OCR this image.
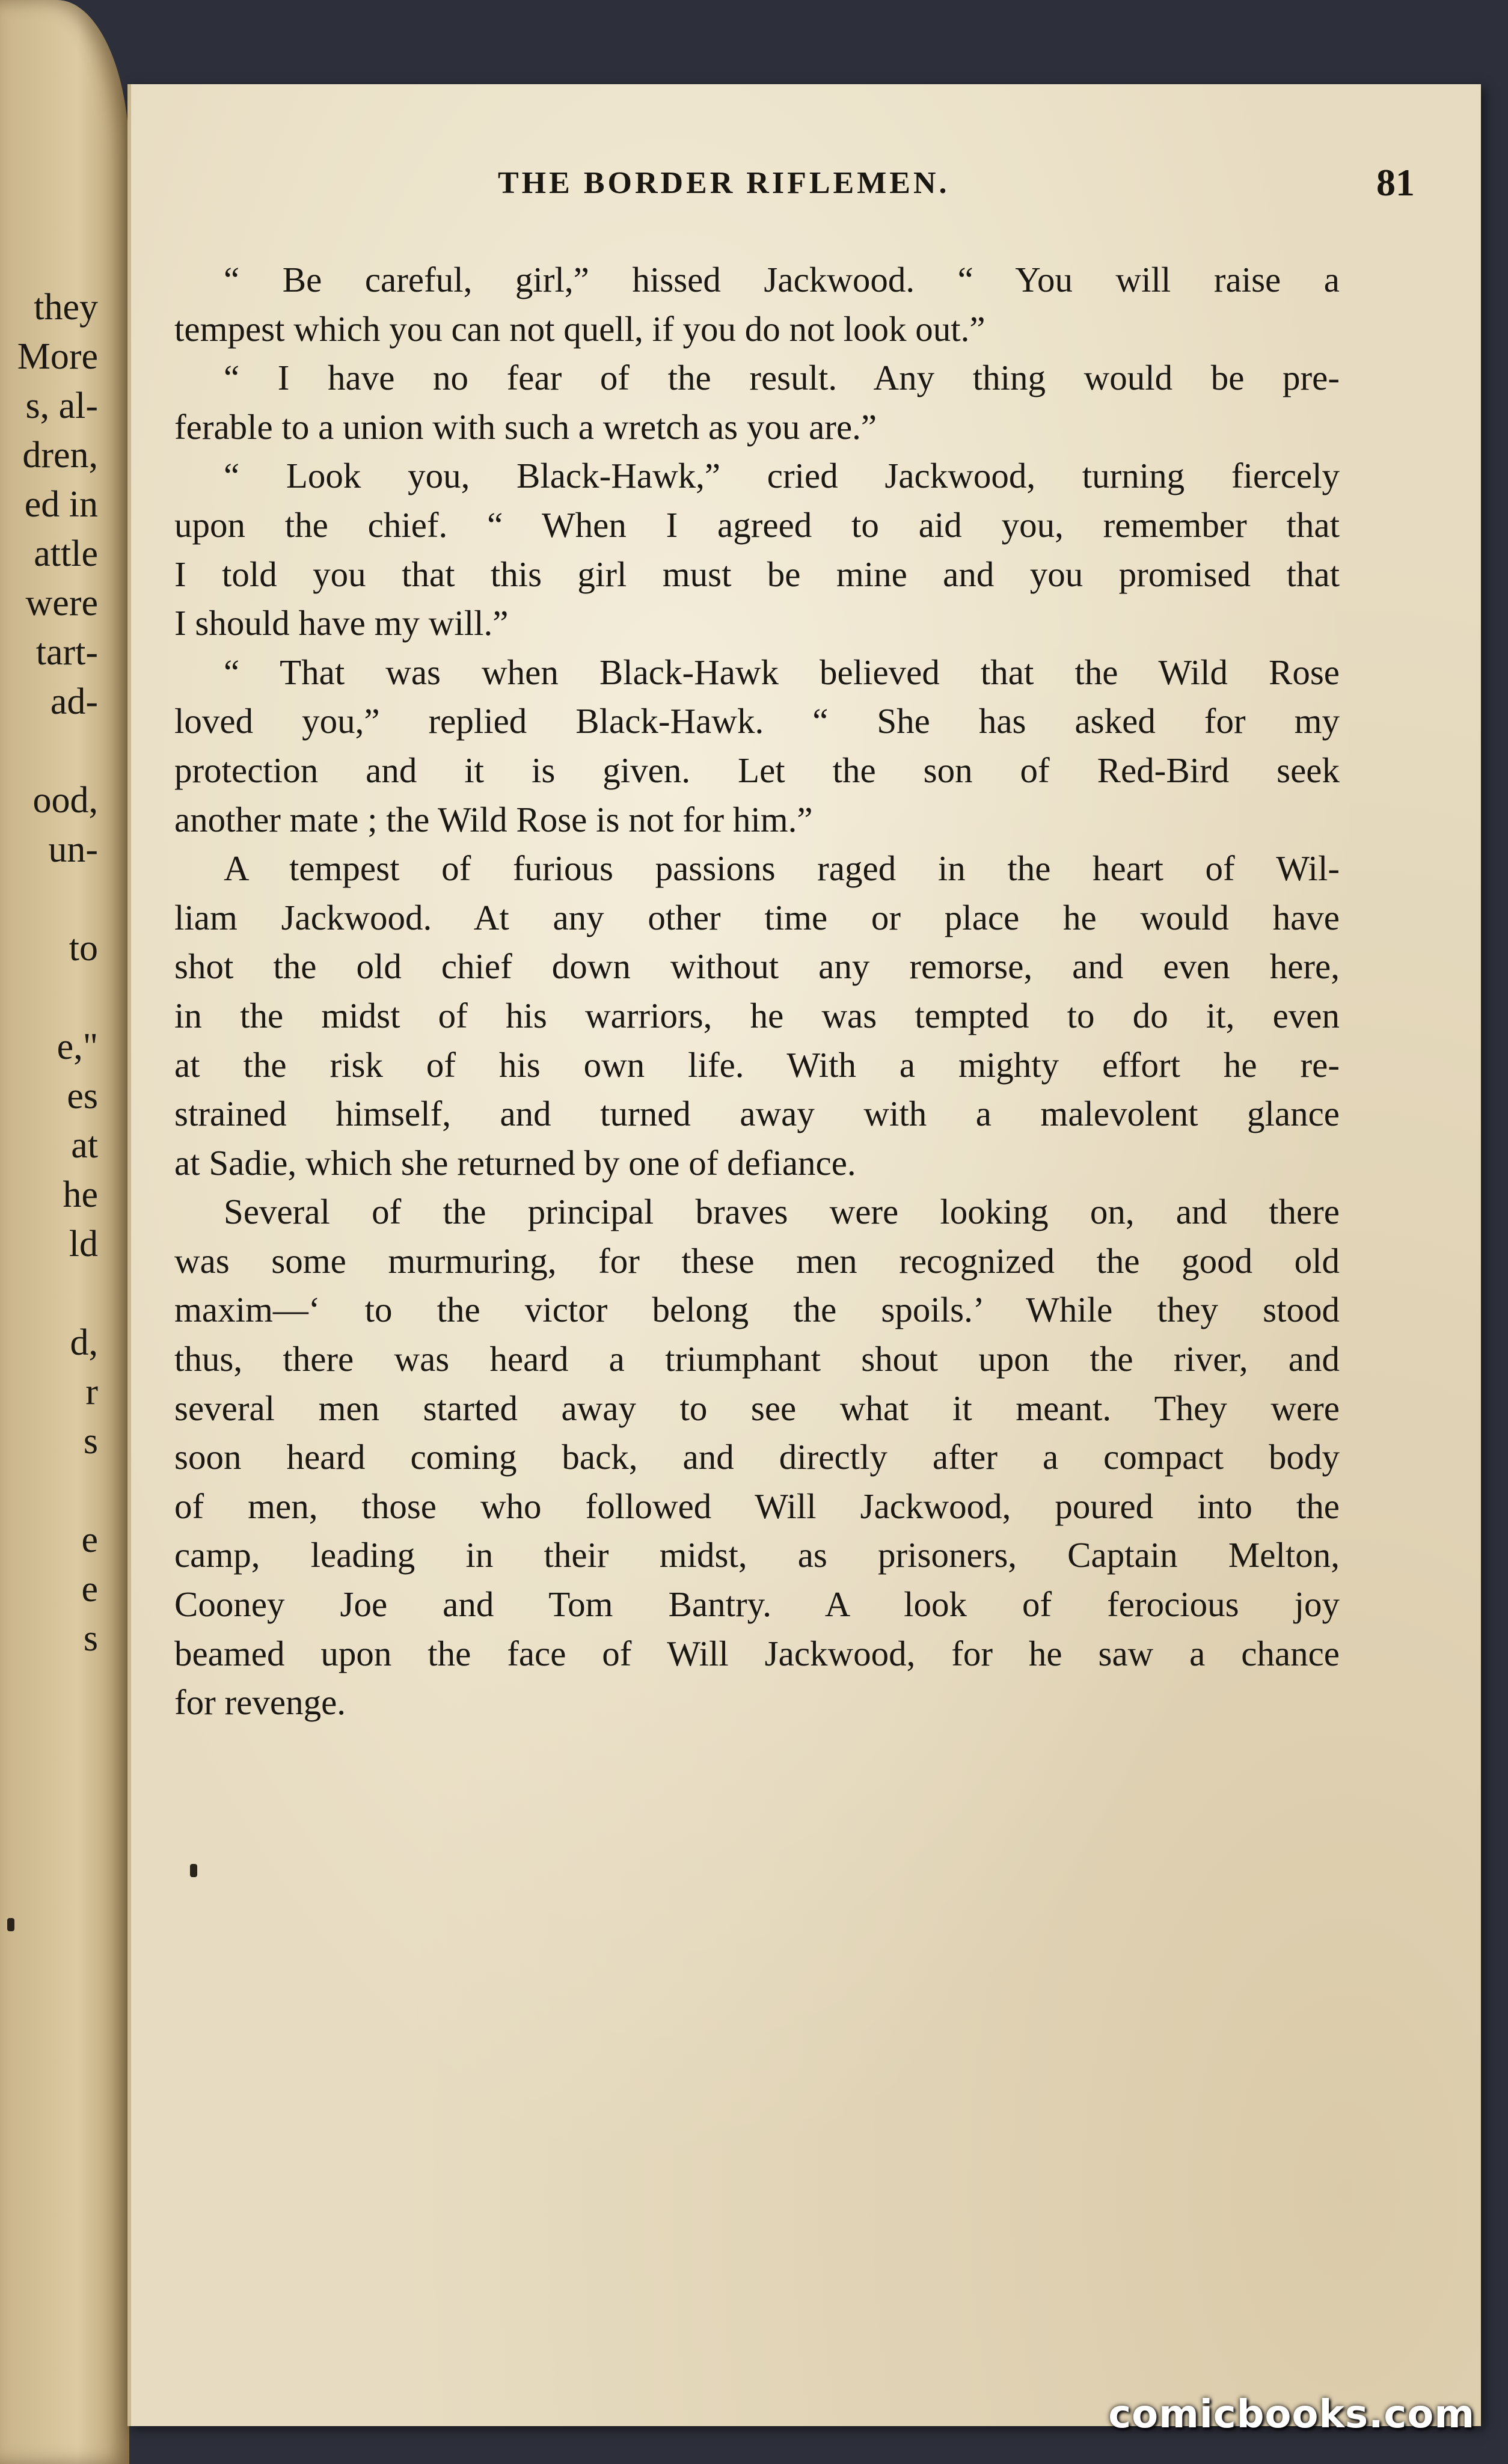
they
More
s, al-
dren,
ed in
attle
were
tart-
ad-
ood,
un-
to
e,"
es
at
he
ld
d,
r
s
e
e
s
THE BORDER RIFLEMEN.	81
“ Be careful, girl,” hissed Jackwood. “ You will raise a
tempest which you can not quell, if you do not look out.”
“ I have no fear of the result. Any thing would be pre-
ferable to a union with such a wretch as you are.”
“ Look you, Black-Hawk,” cried Jackwood, turning fiercely
upon the chief. “ When I agreed to aid you, remember that
I told you that this girl must be mine and you promised that
I should have my will.”
“ That was when Black-Hawk believed that the Wild Rose
loved you,” replied Black-Hawk. “ She has asked for my
protection and it is given. Let the son of Red-Bird seek
another mate ; the Wild Rose is not for him.”
A tempest of furious passions raged in the heart of Wil-
liam Jackwood. At any other time or place he would have
shot the old chief down without any remorse, and even here,
in the midst of his warriors, he was tempted to do it, even
at the risk of his own life. With a mighty effort he re-
strained himself, and turned away with a malevolent glance
at Sadie, which she returned by one of defiance.
Several of the principal braves were looking on, and there
was some murmuring, for these men recognized the good old
maxim—‘ to the victor belong the spoils.’ While they stood
thus, there was heard a triumphant shout upon the river, and
several men started away to see what it meant. They were
soon heard coming back, and directly after a compact body
of men, those who followed Will Jackwood, poured into the
camp, leading in their midst, as prisoners, Captain Melton,
Cooney Joe and Tom Bantry. A look of ferocious joy
beamed upon the face of Will Jackwood, for he saw a chance
for revenge.
comicbooks.com
